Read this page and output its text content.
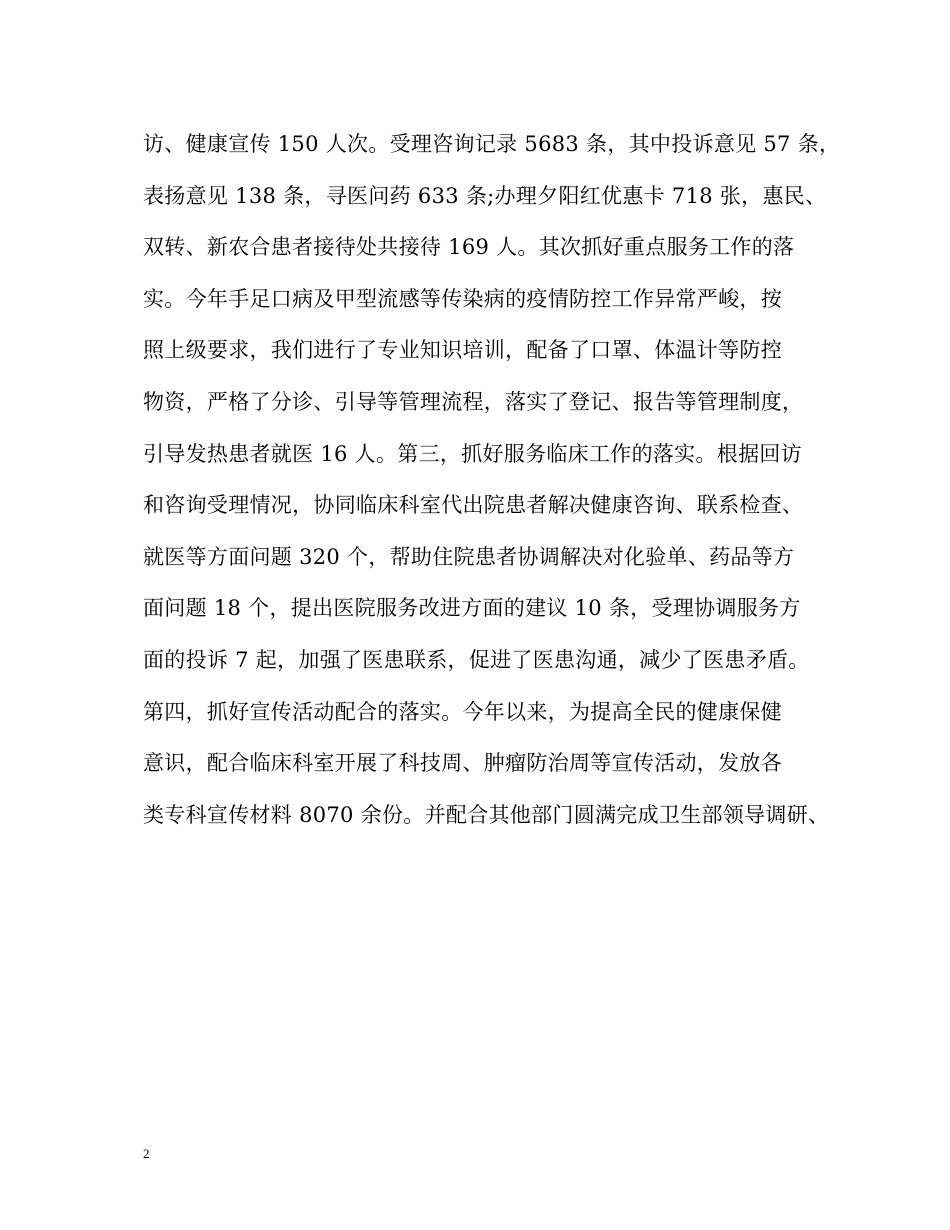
访、健康宣传 150 人次。受理咨询记录 5683 条，其中投诉意见 57 条，
表扬意见 138 条，寻医问药 633 条;办理夕阳红优惠卡 718 张，惠民、
双转、新农合患者接待处共接待 169 人。其次抓好重点服务工作的落
实。今年手足口病及甲型流感等传染病的疫情防控工作异常严峻，按
照上级要求，我们进行了专业知识培训，配备了口罩、体温计等防控
物资，严格了分诊、引导等管理流程，落实了登记、报告等管理制度，
引导发热患者就医 16 人。第三，抓好服务临床工作的落实。根据回访
和咨询受理情况，协同临床科室代出院患者解决健康咨询、联系检查、
就医等方面问题 320 个，帮助住院患者协调解决对化验单、药品等方
面问题 18 个，提出医院服务改进方面的建议 10 条，受理协调服务方
面的投诉 7 起，加强了医患联系，促进了医患沟通，减少了医患矛盾。
第四，抓好宣传活动配合的落实。今年以来，为提高全民的健康保健
意识，配合临床科室开展了科技周、肿瘤防治周等宣传活动，发放各
类专科宣传材料 8070 余份。并配合其他部门圆满完成卫生部领导调研、
2
